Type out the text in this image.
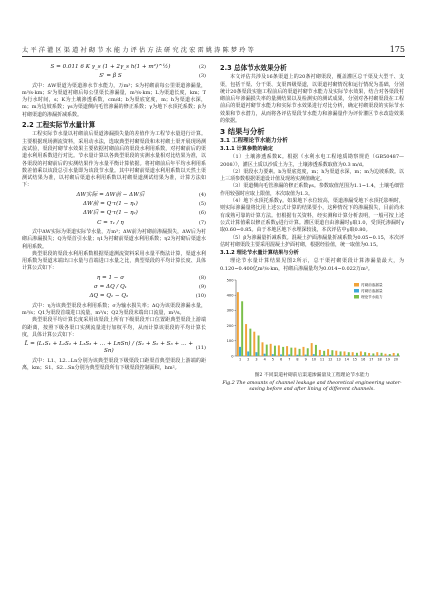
太 平 洋 灌 区 渠 道 衬 砌 节 水 能 力 评 估 方 法 研 究 沈 宏 雷 姚 涛 陈 梦 玲 等	175
S = 0.011 6 K γ_s (1 + 2γ_s h(1 + m²)^½)	(2)
S' = β S	(3)

式中：ΔW渠道为渠道渗水节水能力，万m³；S为衬砌前每公里渠道渗漏量，m³/s·km；S'为渠道衬砌后每公里渠长渗漏量，m³/s·km；L为渠道长度，km；T为行水时间，s；K为土壤渗透系数，cm/d；b为渠底宽度，m；h为渠道水深，m；m为边坡系数；γs为渠道侧向毛管渗漏的修正系数；γ为地下水顶托系数；β为衬砌渠道的渗漏折减系数。

2.2 工程实际节水量计算

工程实际节水量以衬砌前后渠道渗漏损失量的差值作为工程节水量进行计算。主要根据现场测流资料，采用动水法，选取典型衬砌渠段和未衬砌土渠开展现场测流试验，渠段衬砌节水效果主要依据衬砌前后的渠段水利用系数，对衬砌前后的渠道水利用系数进行对比。节水量计算以各典型渠段的实测水量相对比结果为准，以各渠段的衬砌前后的实测结果作为水量平衡计算依据。将衬砌前后年平均水利用系数差值乘以该段总引水量即为该段节水量。其中衬砌前渠道水利用系数以天然土渠测试结果为准，以衬砌后渠道水利用系数以衬砌渠道测试结果为准，计算方法如下：

ΔW实际 = ΔW前 − ΔW后	(4)
ΔW前 = Q·τ(1 − η₁)	(5)
ΔW后 = Q·τ(1 − η₂)	(6)
C = τ₁ / η	(7)

式中ΔW实际为渠道实际节水量，万m³；ΔW前为衬砌前渗漏损失，ΔW后为衬砌后渗漏损失；Q为渠首引水量；η1为衬砌前渠道水利用系数；η2为衬砌后渠道水利用系数。

典型渠段的渠段水利用系数根据渠道测流资料采用水量平衡法计算，渠道水利用系数为渠道末端出口水量与首端进口水量之比，典型渠段的平均计算长度、具体计算公式如下：

η = 1 − σ	(8)
σ = ΔQ / Q₁	(9)
ΔQ = Q₁ − Q₂	(10)

式中：η为该典型渠段水利用系数；σ为输水损失率；ΔQ为该渠段渗漏水量，m³/s；Q1为渠段首端进口流量，m³/s；Q2为渠段末端出口流量，m³/s。

典型渠段平均计算长度采用该渠段上所有下级渠段开口位置距典型渠段上游端的距离，按照下级各渠口实测流量进行加权平均，从而计算该渠段的平均计算长度，具体计算公式如下：

L̄ = (L₁S₁ + L₂S₂ + L₃S₃ + … + LnSn) / (S₁ + S₂ + S₃ + … + Sn)
(11)

式中：L1、L2…Ln分别为该典型渠段下级渠段口距渠首典型渠段上游端的距离，km；S1、S2…Sn分别为典型渠段所有下级渠段控制面积，hm²。

2.3 总体节水效果分析

本文评估共涉及16条渠道上的20条衬砌渠段，覆盖灌区总干渠及大型干、支渠，包括干渠、分干渠、支渠四级渠道，以渠道衬砌情况和运行情况为基础，分别统计20条渠段实施工程前后的渠道衬砌节水能力及实际节水效果，结合对各渠段衬砌前后年渗漏损失率的量测结果以及检测实的测试成果，分别对各衬砌渠段在工程前后的渠道衬砌节水能力和实际节水效果进行对比分析，确定衬砌渠段的实际节水效果和节水潜力，从而将各评估渠段节水能力和渗漏量作为评价灌区节水改造效果的依据。

3 结果与分析
3.1 工程理论节水能力分析
3.1.1 计算参数的确定

（1）土壤渗透系数K。根据《水利水电工程地质勘察规范（GB50487—2008）》，灌区土质以沙质土为主，土壤渗透系数取值为0.3 m/d。

（2）渠段水力要素。b为渠底宽度，m；h为渠道水深，m；m为边坡系数。以上三项参数根据渠道设计值及现场实测值确定。

（3）渠道侧向毛管渗漏的修正系数γs。参数取值范围为1.1~1.4，土壤毛细管作用较强时应取上限值，本次取值为1.3。

（4）地下水顶托系数γ。如果地下水位较高，渠道渗漏受地下水顶托影响时，则实际渗漏量将比用上述公式计算的结果要小，这种情况下的渗漏损失，目前尚未有成熟可靠的计算方法。但根据有关资料，经实测和计算分析表明，一般可按上述公式计算值乘以修正系数γ进行计算。灌区渠道自由渗漏时γ取1.0，受顶托渗漏时γ取0.60~0.85。由于本地区地下水埋深较浅，本次评估中γ取0.80。

（5）β为渗漏量折减系数。混凝土护面渗漏量折减系数为0.05~0.15，本次评估时衬砌渠段主要采用混凝土护面衬砌，根据经验值，统一取值为0.15。

3.1.2 理论节水量计算结果与分析

理论节水量计算结果见图2所示，总干渠衬砌渠段计算渗漏量最大，为0.120~0.400亿m³/s·km，衬砌后渗漏量均为0.014~0.022万m³。

0
100
200
300
400
500
1 2 3 4 5 6 7 8 9 10 11 12 13 14 15 16 17 18 19 20
衬砌前渗漏量
衬砌后渗漏量
理论节水能力
图2 不同渠道衬砌前后渠道渗漏量及工程理论节水能力
Fig.2 The amounts of channel leakage and theoretical engineering water-saving before and after lining of different channels.
